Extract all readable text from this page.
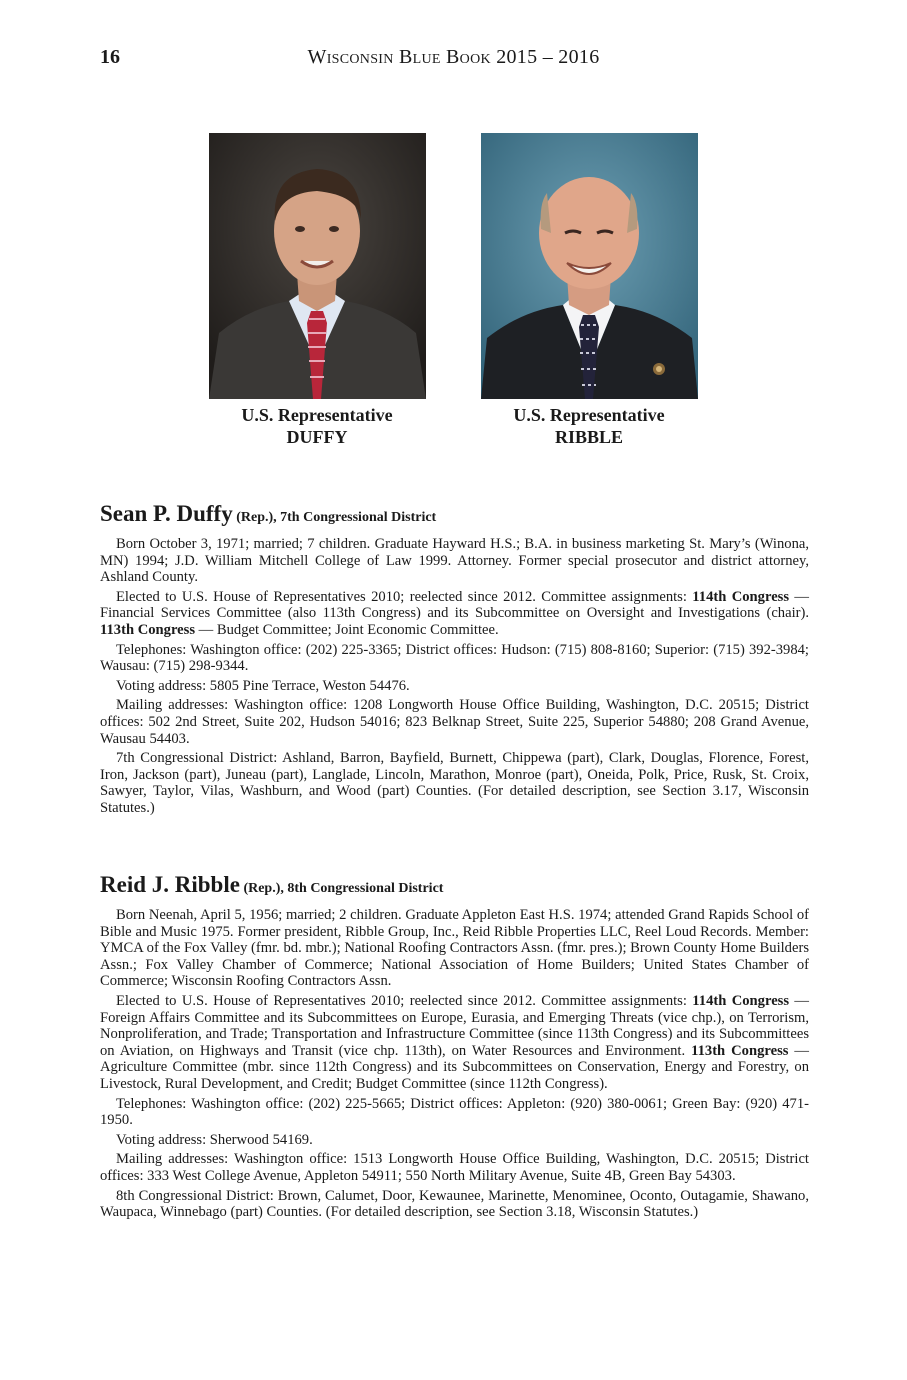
16	Wisconsin Blue Book 2015 – 2016
U.S. Representative
DUFFY
U.S. Representative
RIBBLE
Sean P. Duffy (Rep.), 7th Congressional District

Born October 3, 1971; married; 7 children. Graduate Hayward H.S.; B.A. in business marketing St. Mary’s (Winona, MN) 1994; J.D. William Mitchell College of Law 1999. Attorney. Former special prosecutor and district attorney, Ashland County.

Elected to U.S. House of Representatives 2010; reelected since 2012. Committee assignments: 114th Congress — Financial Services Committee (also 113th Congress) and its Subcommittee on Oversight and Investigations (chair). 113th Congress — Budget Committee; Joint Economic Committee.

Telephones: Washington office: (202) 225-3365; District offices: Hudson: (715) 808-8160; Superior: (715) 392-3984; Wausau: (715) 298-9344.

Voting address: 5805 Pine Terrace, Weston 54476.

Mailing addresses: Washington office: 1208 Longworth House Office Building, Washington, D.C. 20515; District offices: 502 2nd Street, Suite 202, Hudson 54016; 823 Belknap Street, Suite 225, Superior 54880; 208 Grand Avenue, Wausau 54403.

7th Congressional District: Ashland, Barron, Bayfield, Burnett, Chippewa (part), Clark, Douglas, Florence, Forest, Iron, Jackson (part), Juneau (part), Langlade, Lincoln, Marathon, Monroe (part), Oneida, Polk, Price, Rusk, St. Croix, Sawyer, Taylor, Vilas, Washburn, and Wood (part) Counties. (For detailed description, see Section 3.17, Wisconsin Statutes.)

Reid J. Ribble (Rep.), 8th Congressional District

Born Neenah, April 5, 1956; married; 2 children. Graduate Appleton East H.S. 1974; attended Grand Rapids School of Bible and Music 1975. Former president, Ribble Group, Inc., Reid Ribble Properties LLC, Reel Loud Records. Member: YMCA of the Fox Valley (fmr. bd. mbr.); National Roofing Contractors Assn. (fmr. pres.); Brown County Home Builders Assn.; Fox Valley Chamber of Commerce; National Association of Home Builders; United States Chamber of Commerce; Wisconsin Roofing Contractors Assn.

Elected to U.S. House of Representatives 2010; reelected since 2012. Committee assignments: 114th Congress — Foreign Affairs Committee and its Subcommittees on Europe, Eurasia, and Emerging Threats (vice chp.), on Terrorism, Nonproliferation, and Trade; Transportation and Infrastructure Committee (since 113th Congress) and its Subcommittees on Aviation, on Highways and Transit (vice chp. 113th), on Water Resources and Environment. 113th Congress — Agriculture Committee (mbr. since 112th Congress) and its Subcommittees on Conservation, Energy and Forestry, on Livestock, Rural Development, and Credit; Budget Committee (since 112th Congress).

Telephones: Washington office: (202) 225-5665; District offices: Appleton: (920) 380-0061; Green Bay: (920) 471-1950.

Voting address: Sherwood 54169.

Mailing addresses: Washington office: 1513 Longworth House Office Building, Washington, D.C. 20515; District offices: 333 West College Avenue, Appleton 54911; 550 North Military Avenue, Suite 4B, Green Bay 54303.

8th Congressional District: Brown, Calumet, Door, Kewaunee, Marinette, Menominee, Oconto, Outagamie, Shawano, Waupaca, Winnebago (part) Counties. (For detailed description, see Section 3.18, Wisconsin Statutes.)
